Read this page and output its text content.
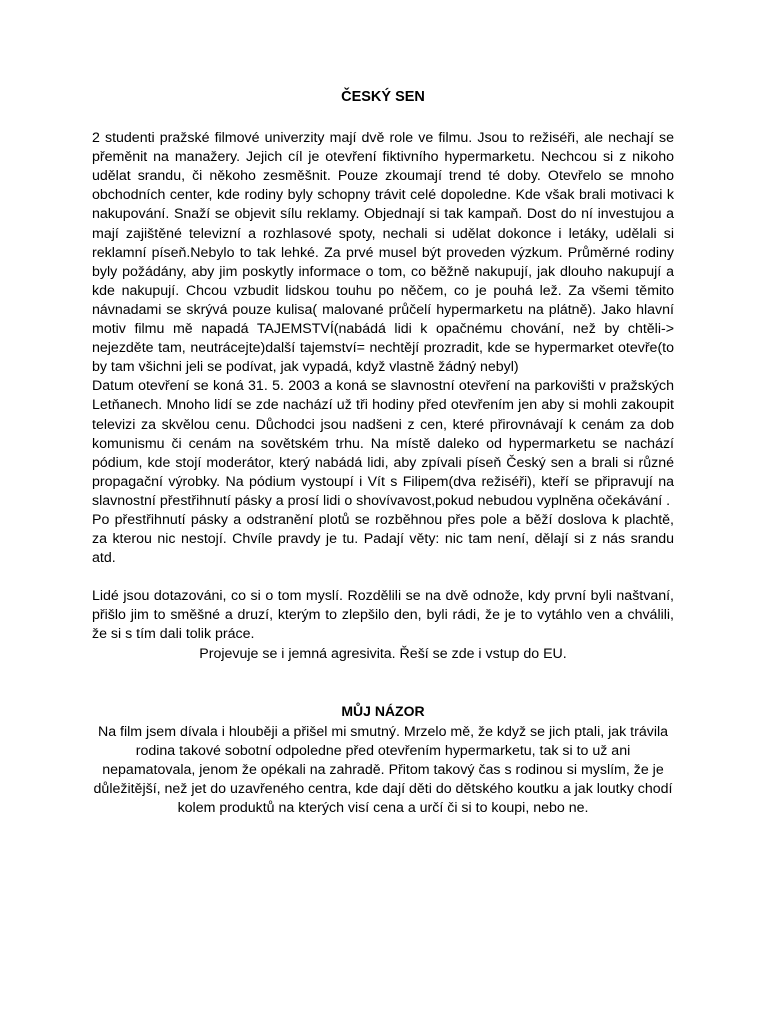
ČESKÝ SEN

2 studenti pražské filmové univerzity mají dvě role ve filmu. Jsou to režiséři, ale nechají se přeměnit na manažery. Jejich cíl je otevření fiktivního hypermarketu. Nechcou si z nikoho udělat srandu, či někoho zesměšnit. Pouze zkoumají trend té doby. Otevřelo se mnoho obchodních center, kde rodiny byly schopny trávit celé dopoledne. Kde však brali motivaci k nakupování. Snaží se objevit sílu reklamy. Objednají si tak kampaň. Dost do ní investujou a mají zajištěné televizní a rozhlasové spoty, nechali si udělat dokonce i letáky, udělali si reklamní píseň.Nebylo to tak lehké. Za prvé musel být proveden výzkum. Průměrné rodiny byly požádány, aby jim poskytly informace o tom, co běžně nakupují, jak dlouho nakupují a kde nakupují. Chcou vzbudit lidskou touhu po něčem, co je pouhá lež. Za všemi těmito návnadami se skrývá pouze kulisa( malované průčelí hypermarketu na plátně). Jako hlavní motiv filmu mě napadá TAJEMSTVÍ(nabádá lidi k opačnému chování, než by chtěli-> nejezděte tam, neutrácejte)další tajemství= nechtějí prozradit, kde se hypermarket otevře(to by tam všichni jeli se podívat, jak vypadá, když vlastně žádný nebyl)

Datum otevření se koná 31. 5. 2003 a koná se slavnostní otevření na parkovišti v pražských Letňanech. Mnoho lidí se zde nachází už tři hodiny před otevřením jen aby si mohli zakoupit televizi za skvělou cenu. Důchodci jsou nadšeni z cen, které přirovnávají k cenám za dob komunismu či cenám na sovětském trhu. Na místě daleko od hypermarketu se nachází pódium, kde stojí moderátor, který nabádá lidi, aby zpívali píseň Český sen a brali si různé propagační výrobky. Na pódium vystoupí i Vít s Filipem(dva režiséři), kteří se připravují na slavnostní přestřihnutí pásky a prosí lidi o shovívavost,pokud nebudou vyplněna očekávání .

Po přestřihnutí pásky a odstranění plotů se rozběhnou přes pole a běží doslova k plachtě, za kterou nic nestojí. Chvíle pravdy je tu. Padají věty: nic tam není, dělají si z nás srandu atd.

Lidé jsou dotazováni, co si o tom myslí. Rozdělili se na dvě odnože, kdy první byli naštvaní, přišlo jim to směšné a druzí, kterým to zlepšilo den, byli rádi, že je to vytáhlo ven a chválili, že si s tím dali tolik práce.

Projevuje se i jemná agresivita. Řeší se zde i vstup do EU.

MŮJ NÁZOR

Na film jsem dívala i hlouběji a přišel mi smutný. Mrzelo mě, že když se jich ptali, jak trávila rodina takové sobotní odpoledne před otevřením hypermarketu, tak si to už ani nepamatovala, jenom že opékali na zahradě. Přitom takový čas s rodinou si myslím, že je důležitější, než jet do uzavřeného centra, kde dají děti do dětského koutku a jak loutky chodí kolem produktů na kterých visí cena a určí či si to koupi, nebo ne.
